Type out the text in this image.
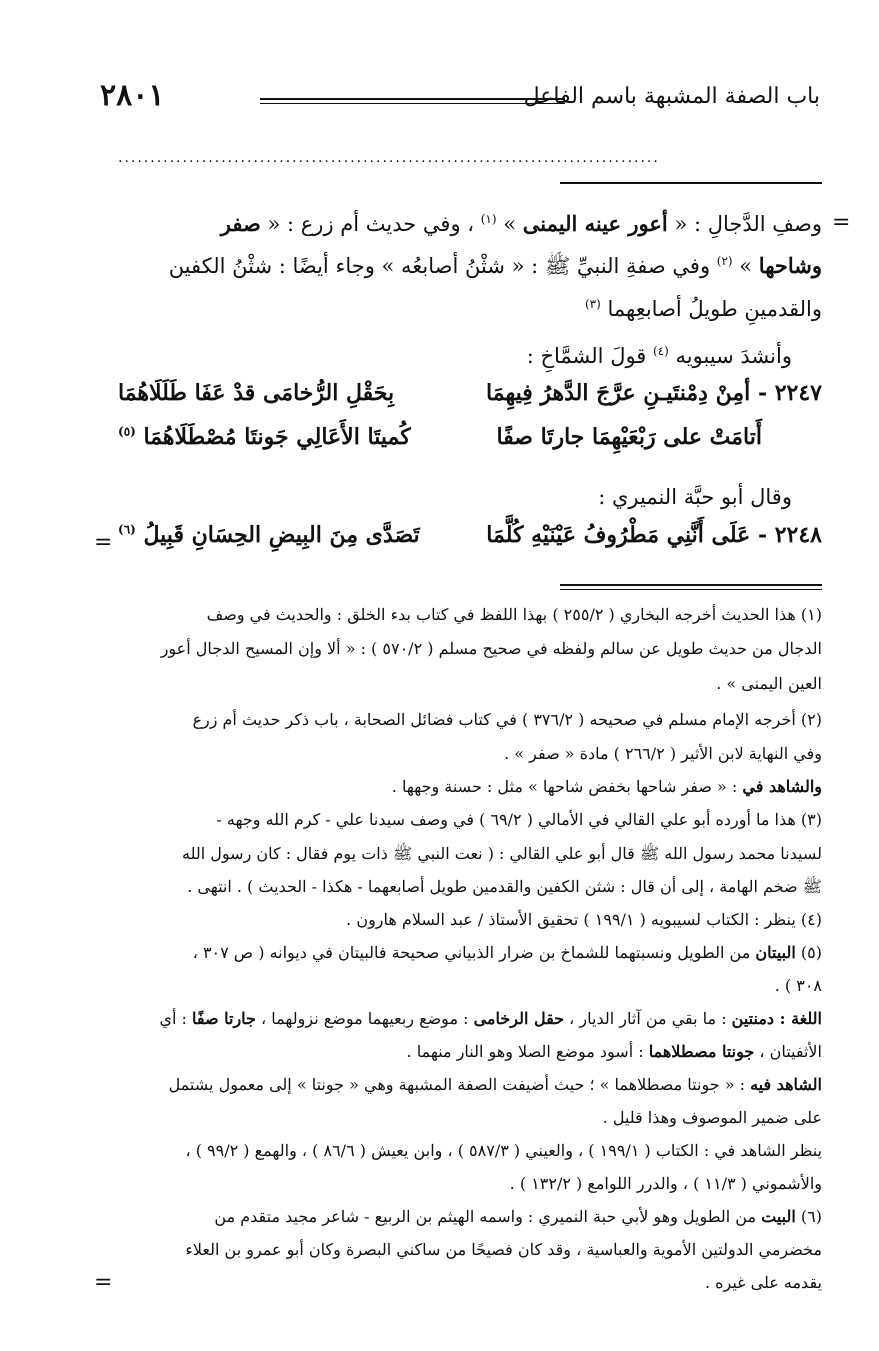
باب الصفة المشبهة باسم الفاعل
٢٨٠١
....................................................................................
=
وصفِ الدَّجالِ : « أعور عينه اليمنى » $^{(١)}$ ، وفي حديث أم زرع : « صفر
وشاحها » $^{(٢)}$ وفي صفةِ النبيِّ ﷺ : « شثْنُ أصابعُه » وجاء أيضًا : شثْنُ الكفين
والقدمينِ طويلُ أصابعِهما $^{(٣)}$
وأنشدَ سيبويه $^{(٤)}$ قولَ الشمَّاخِ :
٢٢٤٧ - أمِنْ دِمْنتَيـنِ عرَّجَ الدَّهرُ فِيهِمَا
بِحَقْلِ الرُّخامَى قدْ عَفَا طَلَلَاهُمَا
أَتامَتْ على رَبْعَيْهِمَا جارتَا صفًا
كُميتَا الأَعَالِي جَونتَا مُصْطَلَاهُمَا $^{(٥)}$
وقال أبو حبَّة النميري :
٢٢٤٨ - عَلَى أَنَّنِي مَطْرُوفُ عَيْنَيْهِ كُلَّمَا
تَصَدَّى مِنَ البِيضِ الحِسَانِ قَبِيلُ $^{(٦)}$
=
(١) هذا الحديث أخرجه البخاري ( ٢٥٥/٢ ) بهذا اللفظ في كتاب بدء الخلق : والحديث في وصف
الدجال من حديث طويل عن سالم ولفظه في صحيح مسلم ( ٥٧٠/٢ ) : « ألا وإن المسيح الدجال أعور
العين اليمنى » .
(٢) أخرجه الإمام مسلم في صحيحه ( ٣٧٦/٢ ) في كتاب فضائل الصحابة ، باب ذكر حديث أم زرع
وفي النهاية لابن الأثير ( ٢٦٦/٢ ) مادة « صفر » .
والشاهد في : « صفر شاحها بخفض شاحها » مثل : حسنة وجهها .
(٣) هذا ما أورده أبو علي القالي في الأمالي ( ٦٩/٢ ) في وصف سيدنا علي - كرم الله وجهه -
لسيدنا محمد رسول الله ﷺ قال أبو علي القالي : ( نعت النبي ﷺ ذات يوم فقال : كان رسول الله
ﷺ ضخم الهامة ، إلى أن قال : شثن الكفين والقدمين طويل أصابعهما - هكذا - الحديث ) . انتهى .
(٤) ينظر : الكتاب لسيبويه ( ١٩٩/١ ) تحقيق الأستاذ / عبد السلام هارون .
(٥) البيتان من الطويل ونسبتهما للشماخ بن ضرار الذبياني صحيحة فالبيتان في ديوانه ( ص ٣٠٧ ،
٣٠٨ ) .
اللغة : دمنتين : ما بقي من آثار الديار ، حقل الرخامى : موضع ربعيهما موضع نزولهما ، جارتا صفًا : أي
الأثفيتان ، جونتا مصطلاهما : أسود موضع الصلا وهو النار منهما .
الشاهد فيه : « جونتا مصطلاهما » ؛ حيث أضيفت الصفة المشبهة وهي « جونتا » إلى معمول يشتمل
على ضمير الموصوف وهذا قليل .
ينظر الشاهد في : الكتاب ( ١٩٩/١ ) ، والعيني ( ٥٨٧/٣ ) ، وابن يعيش ( ٨٦/٦ ) ، والهمع ( ٩٩/٢ ) ،
والأشموني ( ١١/٣ ) ، والدرر اللوامع ( ١٣٢/٢ ) .
(٦) البيت من الطويل وهو لأبي حبة النميري : واسمه الهيثم بن الربيع - شاعر مجيد متقدم من
مخضرمي الدولتين الأموية والعباسية ، وقد كان فصيحًا من ساكني البصرة وكان أبو عمرو بن العلاء
يقدمه على غيره .
=
